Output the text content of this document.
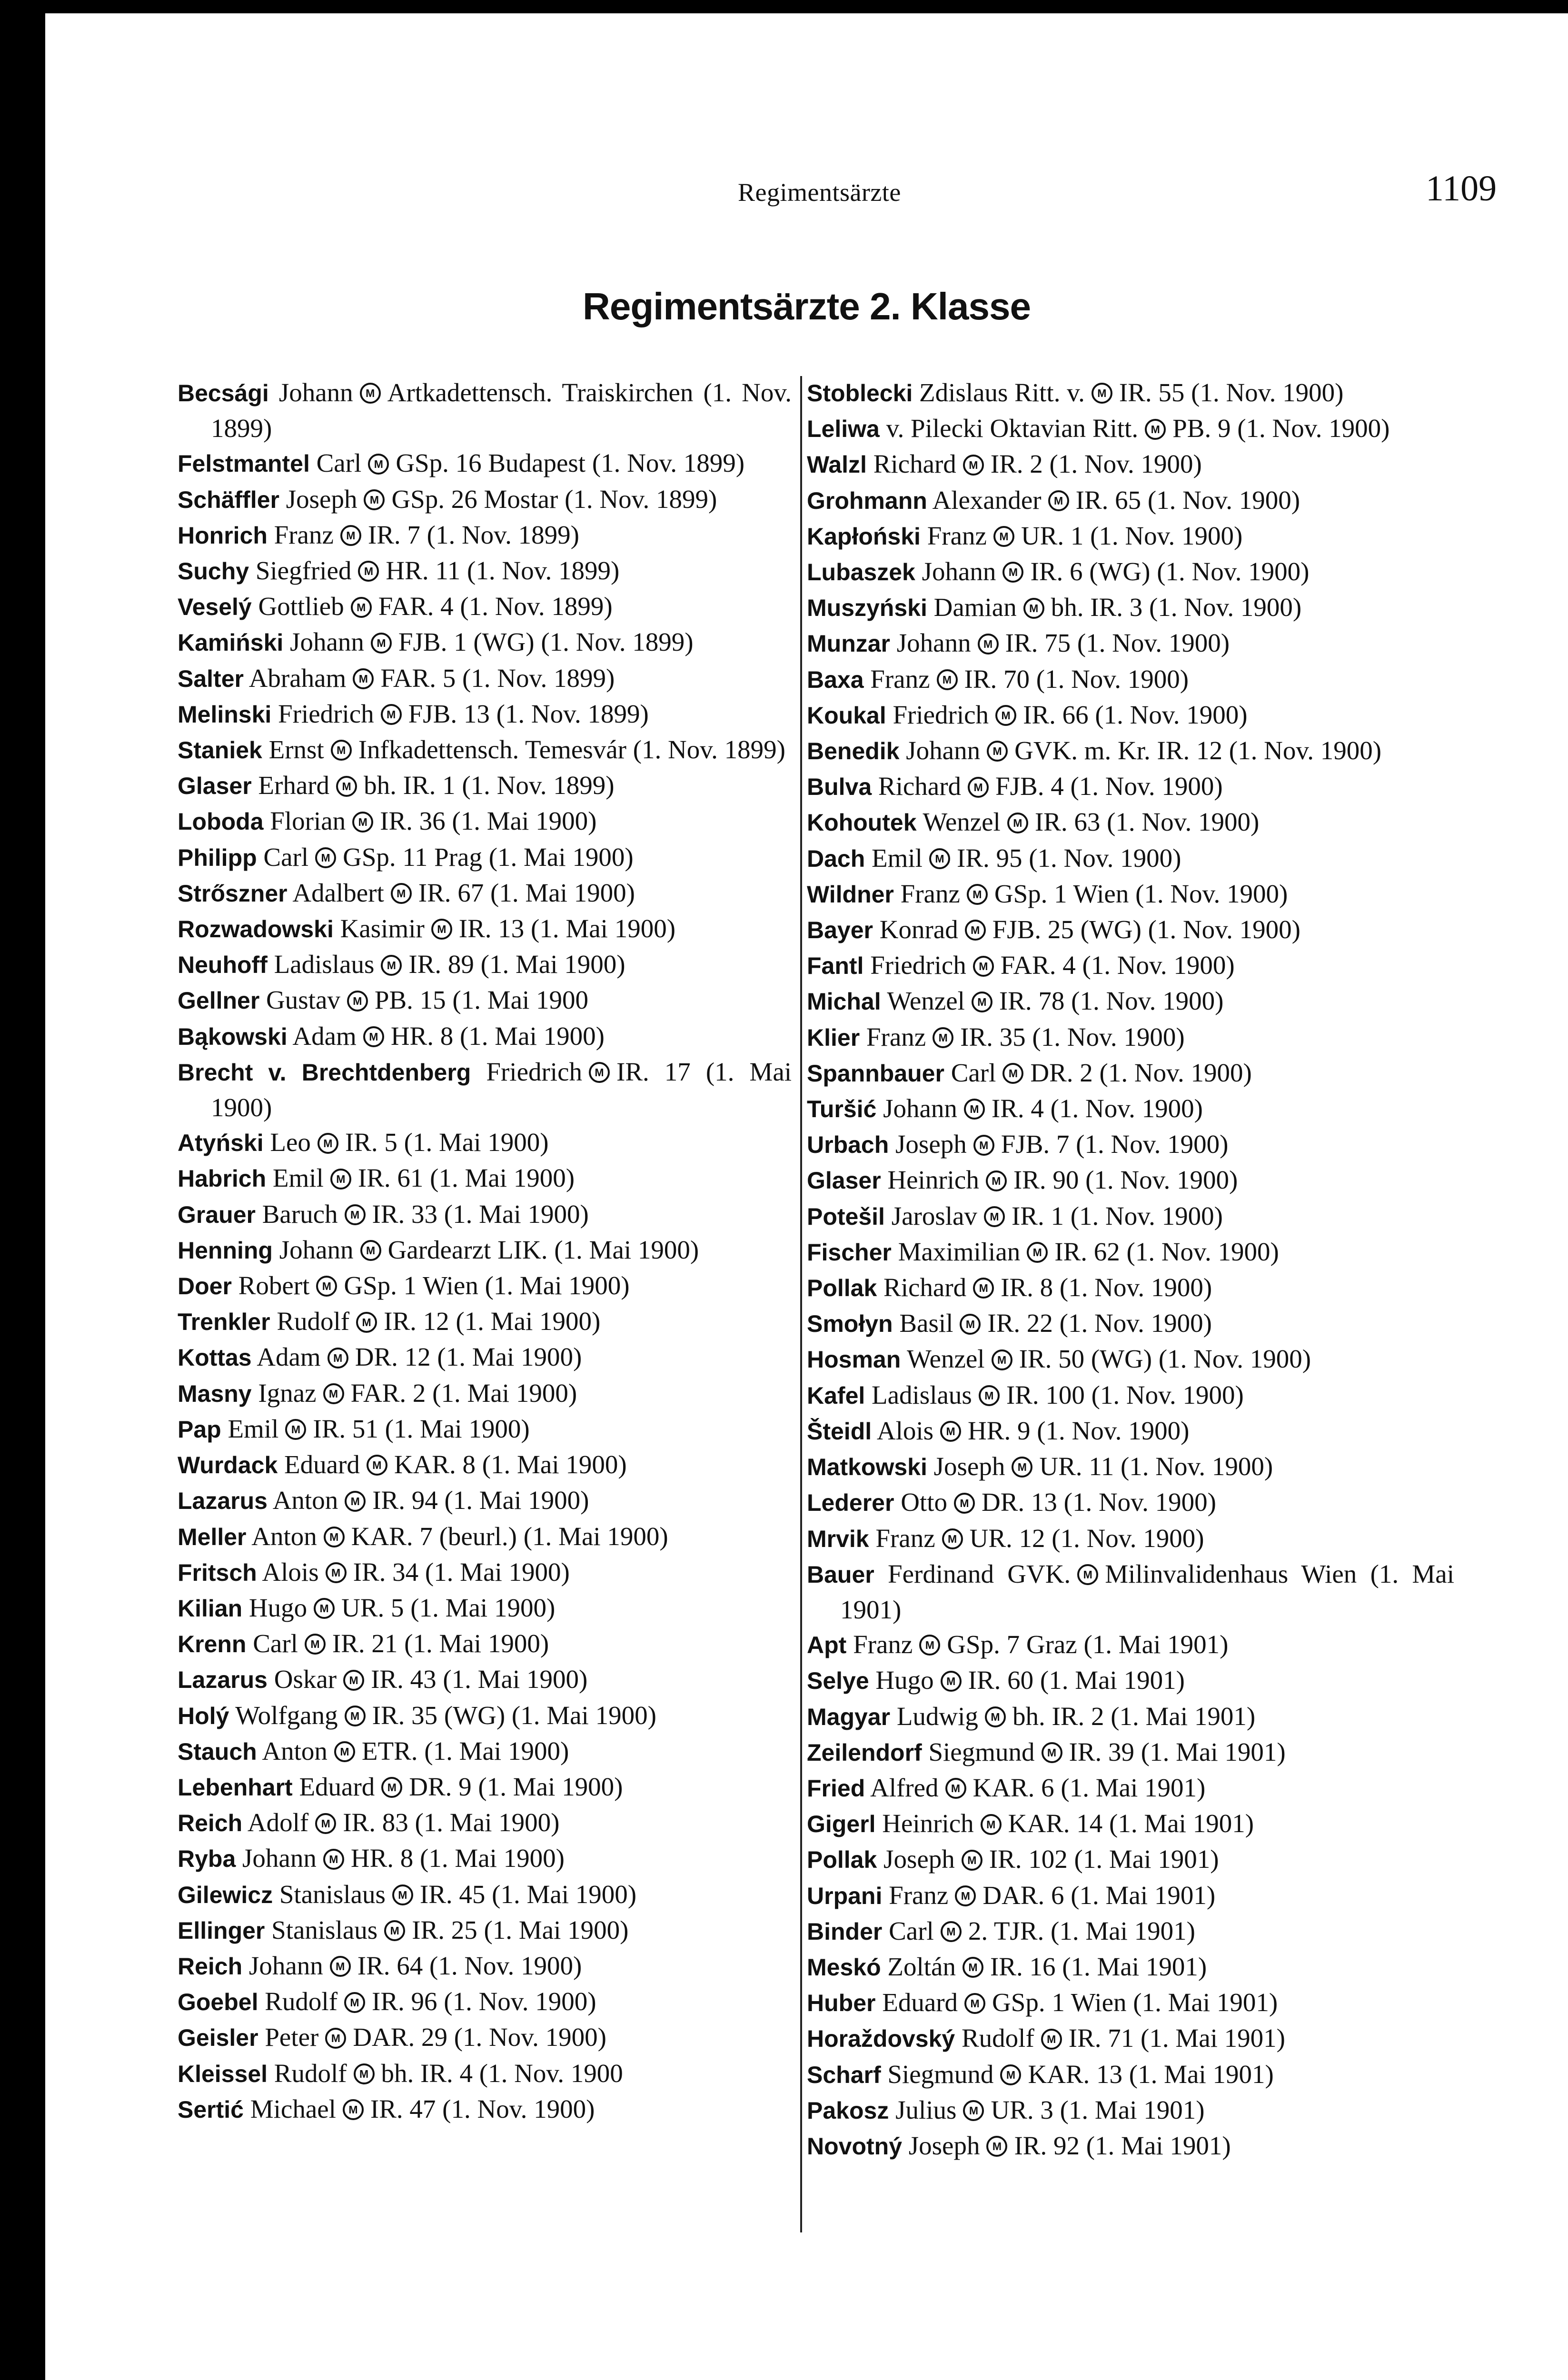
Regimentsärzte	1109
Regimentsärzte 2. Klasse
Becsági Johann M Artkadettensch. Traiskirchen (1. Nov. 1899)
Felstmantel Carl M GSp. 16 Budapest (1. Nov. 1899)
Schäffler Joseph M GSp. 26 Mostar (1. Nov. 1899)
Honrich Franz M IR. 7 (1. Nov. 1899)
Suchy Siegfried M HR. 11 (1. Nov. 1899)
Veselý Gottlieb M FAR. 4 (1. Nov. 1899)
Kamiński Johann M FJB. 1 (WG) (1. Nov. 1899)
Salter Abraham M FAR. 5 (1. Nov. 1899)
Melinski Friedrich M FJB. 13 (1. Nov. 1899)
Staniek Ernst M Infkadettensch. Temesvár (1. Nov. 1899)
Glaser Erhard M bh. IR. 1 (1. Nov. 1899)
Loboda Florian M IR. 36 (1. Mai 1900)
Philipp Carl M GSp. 11 Prag (1. Mai 1900)
Strőszner Adalbert M IR. 67 (1. Mai 1900)
Rozwadowski Kasimir M IR. 13 (1. Mai 1900)
Neuhoff Ladislaus M IR. 89 (1. Mai 1900)
Gellner Gustav M PB. 15 (1. Mai 1900
Bąkowski Adam M HR. 8 (1. Mai 1900)
Brecht v. Brechtdenberg Friedrich M IR. 17 (1. Mai 1900)
Atyński Leo M IR. 5 (1. Mai 1900)
Habrich Emil M IR. 61 (1. Mai 1900)
Grauer Baruch M IR. 33 (1. Mai 1900)
Henning Johann M Gardearzt LIK. (1. Mai 1900)
Doer Robert M GSp. 1 Wien (1. Mai 1900)
Trenkler Rudolf M IR. 12 (1. Mai 1900)
Kottas Adam M DR. 12 (1. Mai 1900)
Masny Ignaz M FAR. 2 (1. Mai 1900)
Pap Emil M IR. 51 (1. Mai 1900)
Wurdack Eduard M KAR. 8 (1. Mai 1900)
Lazarus Anton M IR. 94 (1. Mai 1900)
Meller Anton M KAR. 7 (beurl.) (1. Mai 1900)
Fritsch Alois M IR. 34 (1. Mai 1900)
Kilian Hugo M UR. 5 (1. Mai 1900)
Krenn Carl M IR. 21 (1. Mai 1900)
Lazarus Oskar M IR. 43 (1. Mai 1900)
Holý Wolfgang M IR. 35 (WG) (1. Mai 1900)
Stauch Anton M ETR. (1. Mai 1900)
Lebenhart Eduard M DR. 9 (1. Mai 1900)
Reich Adolf M IR. 83 (1. Mai 1900)
Ryba Johann M HR. 8 (1. Mai 1900)
Gilewicz Stanislaus M IR. 45 (1. Mai 1900)
Ellinger Stanislaus M IR. 25 (1. Mai 1900)
Reich Johann M IR. 64 (1. Nov. 1900)
Goebel Rudolf M IR. 96 (1. Nov. 1900)
Geisler Peter M DAR. 29 (1. Nov. 1900)
Kleissel Rudolf M bh. IR. 4 (1. Nov. 1900
Sertić Michael M IR. 47 (1. Nov. 1900)
Stoblecki Zdislaus Ritt. v. M IR. 55 (1. Nov. 1900)
Leliwa v. Pilecki Oktavian Ritt. M PB. 9 (1. Nov. 1900)
Walzl Richard M IR. 2 (1. Nov. 1900)
Grohmann Alexander M IR. 65 (1. Nov. 1900)
Kapłoński Franz M UR. 1 (1. Nov. 1900)
Lubaszek Johann M IR. 6 (WG) (1. Nov. 1900)
Muszyński Damian M bh. IR. 3 (1. Nov. 1900)
Munzar Johann M IR. 75 (1. Nov. 1900)
Baxa Franz M IR. 70 (1. Nov. 1900)
Koukal Friedrich M IR. 66 (1. Nov. 1900)
Benedik Johann M GVK. m. Kr. IR. 12 (1. Nov. 1900)
Bulva Richard M FJB. 4 (1. Nov. 1900)
Kohoutek Wenzel M IR. 63 (1. Nov. 1900)
Dach Emil M IR. 95 (1. Nov. 1900)
Wildner Franz M GSp. 1 Wien (1. Nov. 1900)
Bayer Konrad M FJB. 25 (WG) (1. Nov. 1900)
Fantl Friedrich M FAR. 4 (1. Nov. 1900)
Michal Wenzel M IR. 78 (1. Nov. 1900)
Klier Franz M IR. 35 (1. Nov. 1900)
Spannbauer Carl M DR. 2 (1. Nov. 1900)
Turšić Johann M IR. 4 (1. Nov. 1900)
Urbach Joseph M FJB. 7 (1. Nov. 1900)
Glaser Heinrich M IR. 90 (1. Nov. 1900)
Potešil Jaroslav M IR. 1 (1. Nov. 1900)
Fischer Maximilian M IR. 62 (1. Nov. 1900)
Pollak Richard M IR. 8 (1. Nov. 1900)
Smołyn Basil M IR. 22 (1. Nov. 1900)
Hosman Wenzel M IR. 50 (WG) (1. Nov. 1900)
Kafel Ladislaus M IR. 100 (1. Nov. 1900)
Šteidl Alois M HR. 9 (1. Nov. 1900)
Matkowski Joseph M UR. 11 (1. Nov. 1900)
Lederer Otto M DR. 13 (1. Nov. 1900)
Mrvik Franz M UR. 12 (1. Nov. 1900)
Bauer Ferdinand GVK. M Milinvalidenhaus Wien (1. Mai 1901)
Apt Franz M GSp. 7 Graz (1. Mai 1901)
Selye Hugo M IR. 60 (1. Mai 1901)
Magyar Ludwig M bh. IR. 2 (1. Mai 1901)
Zeilendorf Siegmund M IR. 39 (1. Mai 1901)
Fried Alfred M KAR. 6 (1. Mai 1901)
Gigerl Heinrich M KAR. 14 (1. Mai 1901)
Pollak Joseph M IR. 102 (1. Mai 1901)
Urpani Franz M DAR. 6 (1. Mai 1901)
Binder Carl M 2. TJR. (1. Mai 1901)
Meskó Zoltán M IR. 16 (1. Mai 1901)
Huber Eduard M GSp. 1 Wien (1. Mai 1901)
Horaždovský Rudolf M IR. 71 (1. Mai 1901)
Scharf Siegmund M KAR. 13 (1. Mai 1901)
Pakosz Julius M UR. 3 (1. Mai 1901)
Novotný Joseph M IR. 92 (1. Mai 1901)
